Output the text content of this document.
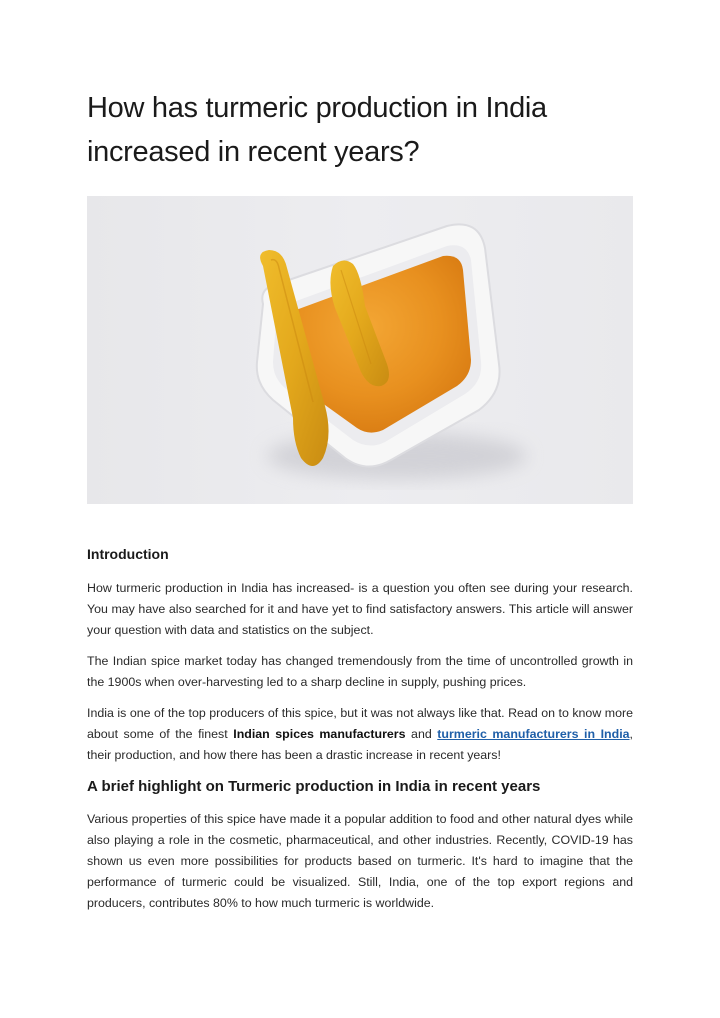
How has turmeric production in India increased in recent years?
Introduction

How turmeric production in India has increased- is a question you often see during your research. You may have also searched for it and have yet to find satisfactory answers. This article will answer your question with data and statistics on the subject.

The Indian spice market today has changed tremendously from the time of uncontrolled growth in the 1900s when over-harvesting led to a sharp decline in supply, pushing prices.

India is one of the top producers of this spice, but it was not always like that. Read on to know more about some of the finest Indian spices manufacturers and turmeric manufacturers in India, their production, and how there has been a drastic increase in recent years!

A brief highlight on Turmeric production in India in recent years

Various properties of this spice have made it a popular addition to food and other natural dyes while also playing a role in the cosmetic, pharmaceutical, and other industries. Recently, COVID-19 has shown us even more possibilities for products based on turmeric. It's hard to imagine that the performance of turmeric could be visualized. Still, India, one of the top export regions and producers, contributes 80% to how much turmeric is worldwide.
